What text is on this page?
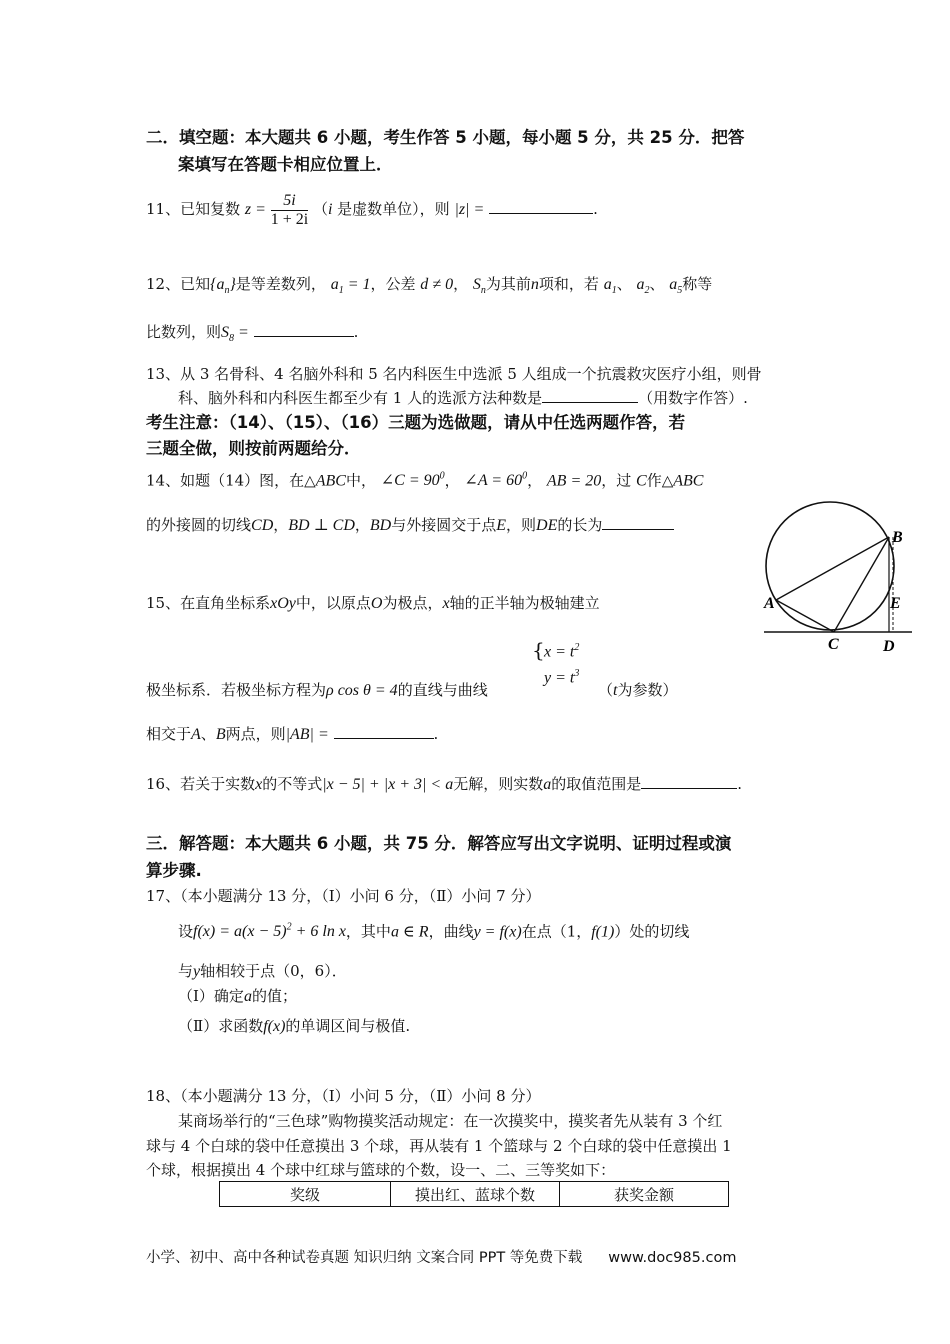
二．填空题：本大题共 6 小题，考生作答 5 小题，每小题 5 分，共 25 分．把答
案填写在答题卡相应位置上．
11、已知复数 $z = \frac{5i}{1 + 2i} (i$ 是虚数单位），则 |z| =	.
12、已知$\{a_n\}$是等差数列， $a_1 = 1$，公差 d ≠ 0， $S_n$为其前n项和，若 $a_1$、 $a_2$、 $a_5$称等
比数列，则$S_8$ =	.
13、从 3 名骨科、4 名脑外科和 5 名内科医生中选派 5 人组成一个抗震救灾医疗小组，则骨
科、脑外科和内科医生都至少有 1 人的选派方法种数是	（用数字作答）.
考生注意：（14）、（15）、（16）三题为选做题，请从中任选两题作答，若
三题全做，则按前两题给分．
14、如题（14）图，在△ABC中， ∠C = $90^0$， ∠A = $60^0$， AB = 20，过 C作△ABC
的外接圆的切线CD，BD ⊥ CD，BD与外接圆交于点E，则DE的长为
B
A	E
C	D
15、在直角坐标系xOy中，以原点O为极点，x轴的正半轴为极轴建立
{ $x = t^2$
$y = t^3$
极坐标系．若极坐标方程为ρ cos θ = 4的直线与曲线	（t为参数）
相交于A、B两点，则|AB| =	.
16、若关于实数x的不等式|x − 5| + |x + 3| < a无解，则实数a的取值范围是	.
三．解答题：本大题共 6 小题，共 75 分．解答应写出文字说明、证明过程或演
算步骤.
17、（本小题满分 13 分，（Ⅰ）小问 6 分，（Ⅱ）小问 7 分）
设$f(x) = a(x - 5)^2 + 6$ ln x，其中a ∈ R，曲线y = f(x)在点（1，f(1)）处的切线
与y轴相较于点（0，6）．
（Ⅰ）确定a的值；
（Ⅱ）求函数f(x)的单调区间与极值.
18、（本小题满分 13 分，（Ⅰ）小问 5 分，（Ⅱ）小问 8 分）
某商场举行的“三色球”购物摸奖活动规定：在一次摸奖中，摸奖者先从装有 3 个红
球与 4 个白球的袋中任意摸出 3 个球，再从装有 1 个篮球与 2 个白球的袋中任意摸出 1
个球，根据摸出 4 个球中红球与篮球的个数，设一、二、三等奖如下：
奖级	摸出红、蓝球个数	获奖金额
小学、初中、高中各种试卷真题 知识归纳 文案合同 PPT 等免费下载 www.doc985.com
